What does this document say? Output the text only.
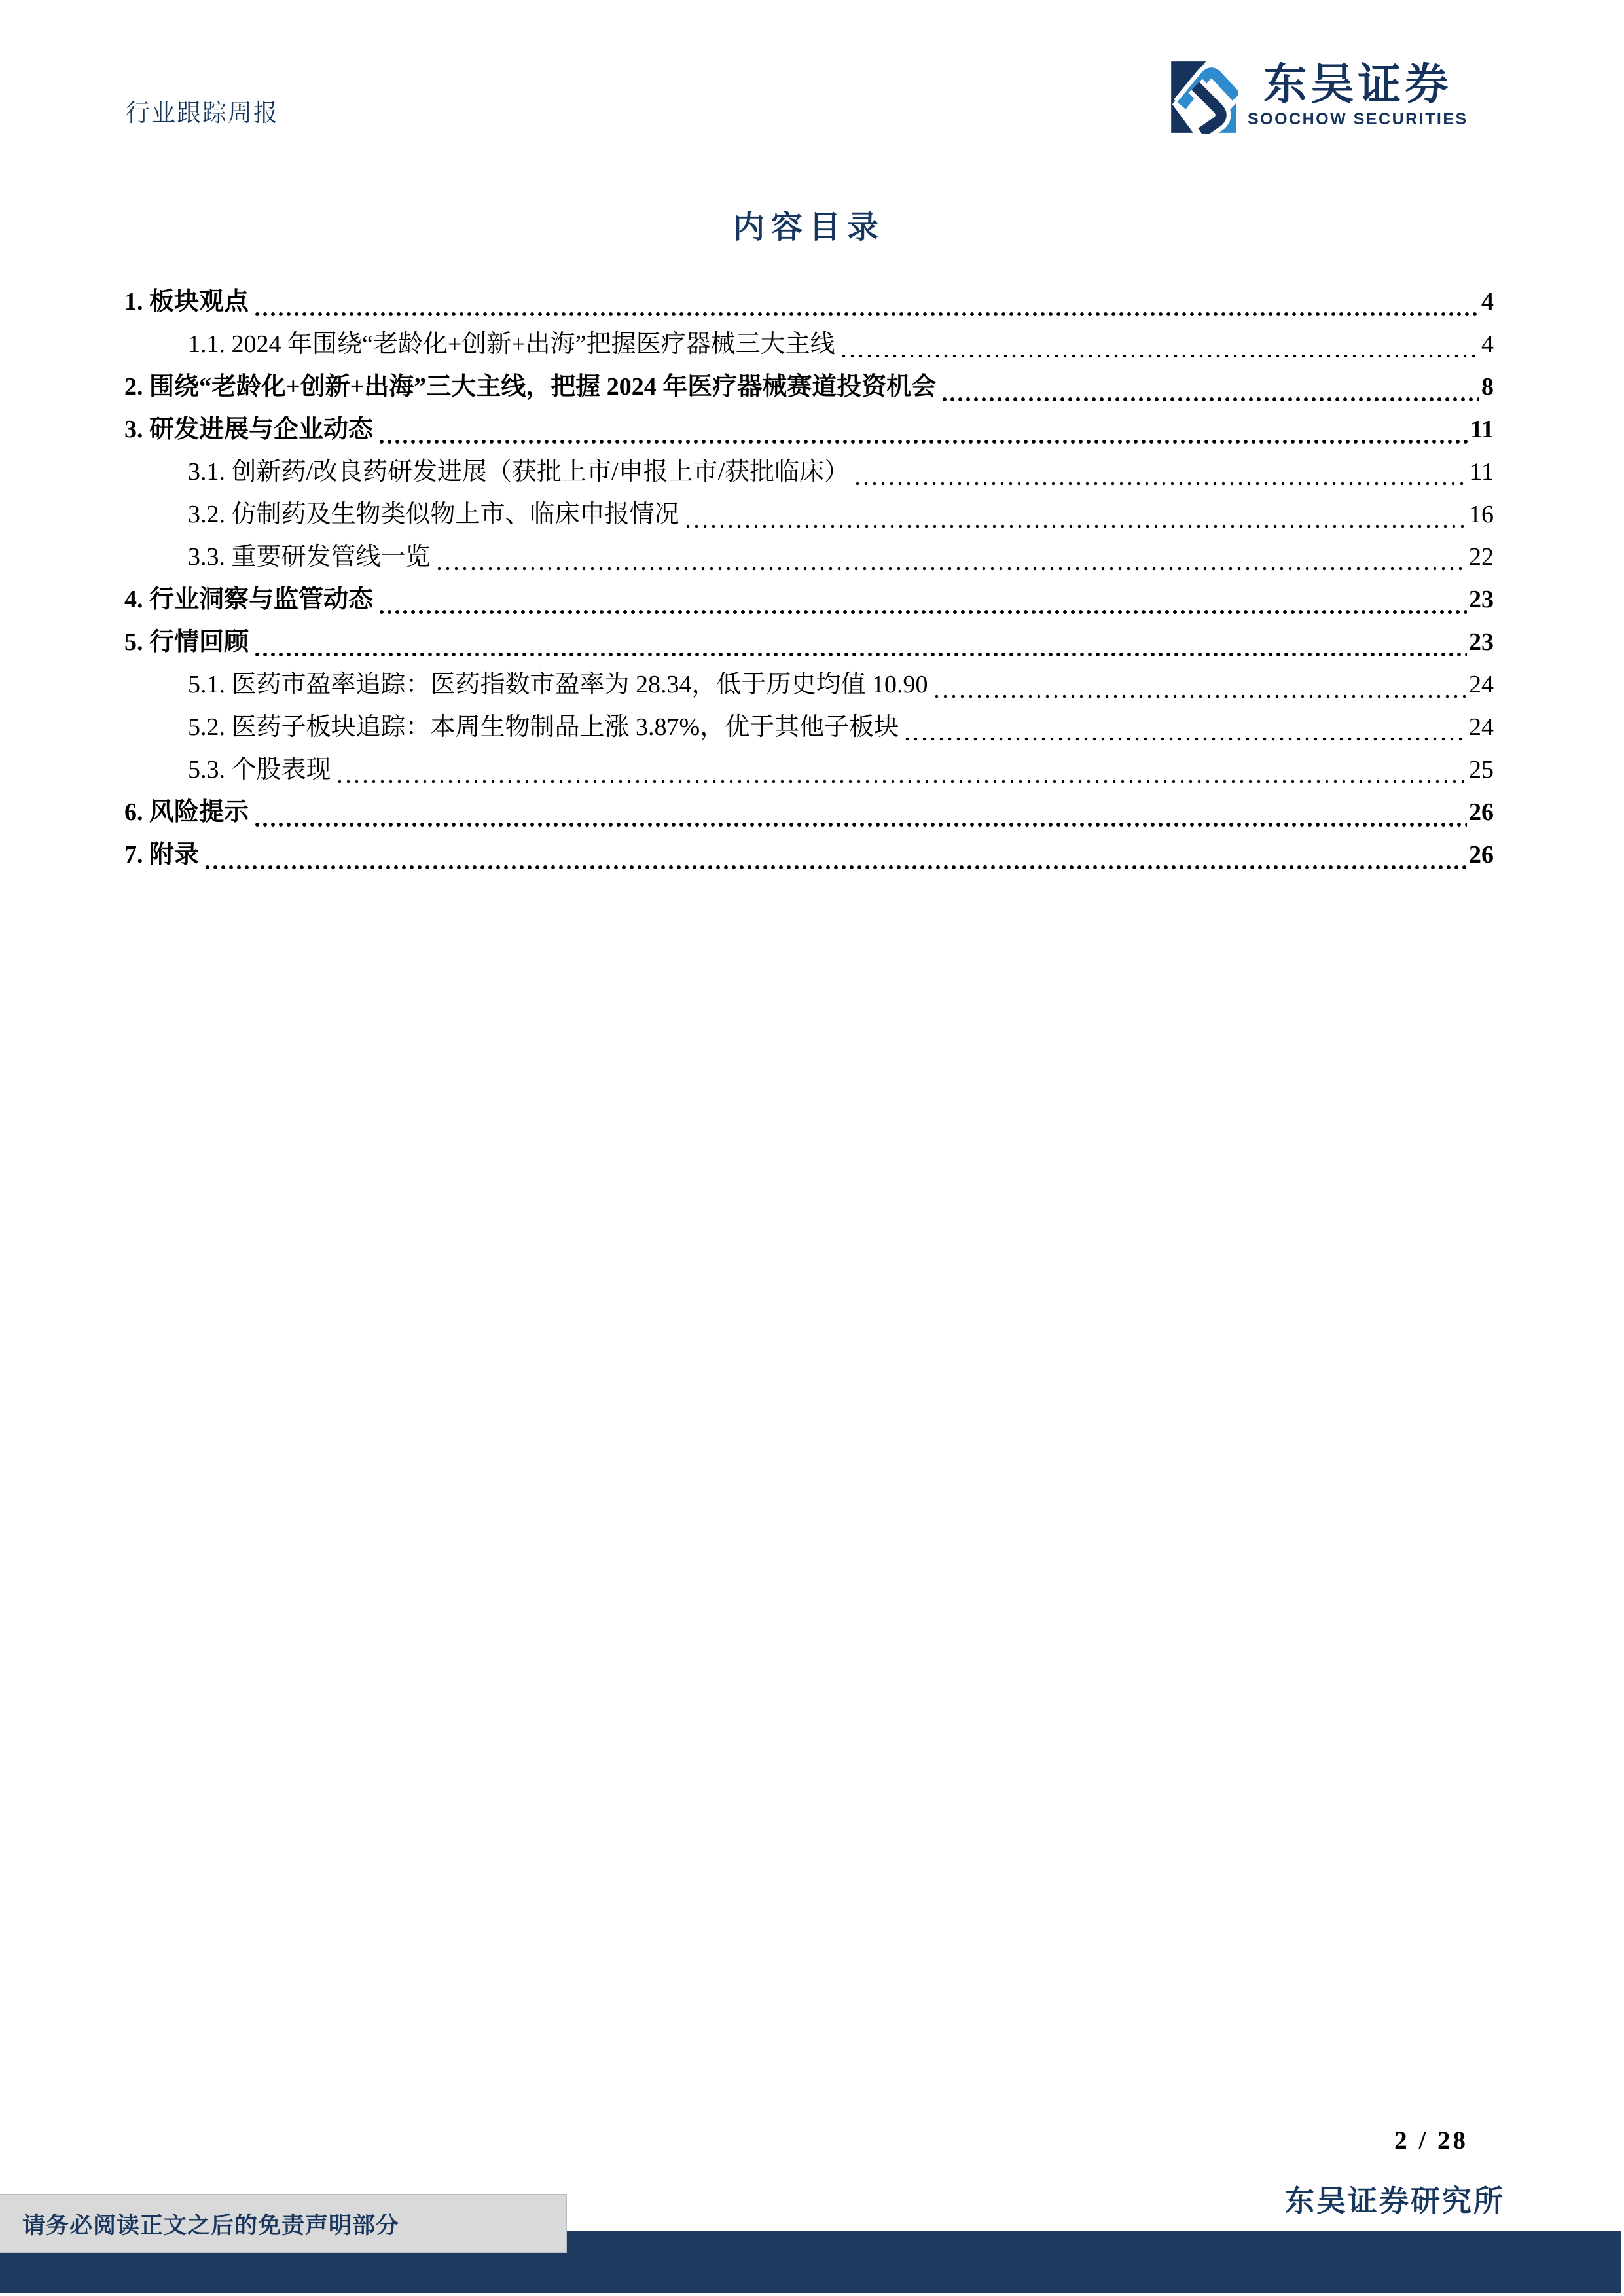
行业跟踪周报
东吴证券
SOOCHOW SECURITIES
内容目录
1. 板块观点	4
1.1. 2024 年围绕“老龄化+创新+出海”把握医疗器械三大主线	4
2. 围绕“老龄化+创新+出海”三大主线，把握 2024 年医疗器械赛道投资机会	8
3. 研发进展与企业动态	11
3.1. 创新药/改良药研发进展（获批上市/申报上市/获批临床）	11
3.2. 仿制药及生物类似物上市、临床申报情况	16
3.3. 重要研发管线一览	22
4. 行业洞察与监管动态	23
5. 行情回顾	23
5.1. 医药市盈率追踪：医药指数市盈率为 28.34，低于历史均值 10.90	24
5.2. 医药子板块追踪：本周生物制品上涨 3.87%，优于其他子板块	24
5.3. 个股表现	25
6. 风险提示	26
7. 附录	26
2 / 28
东吴证券研究所
请务必阅读正文之后的免责声明部分
